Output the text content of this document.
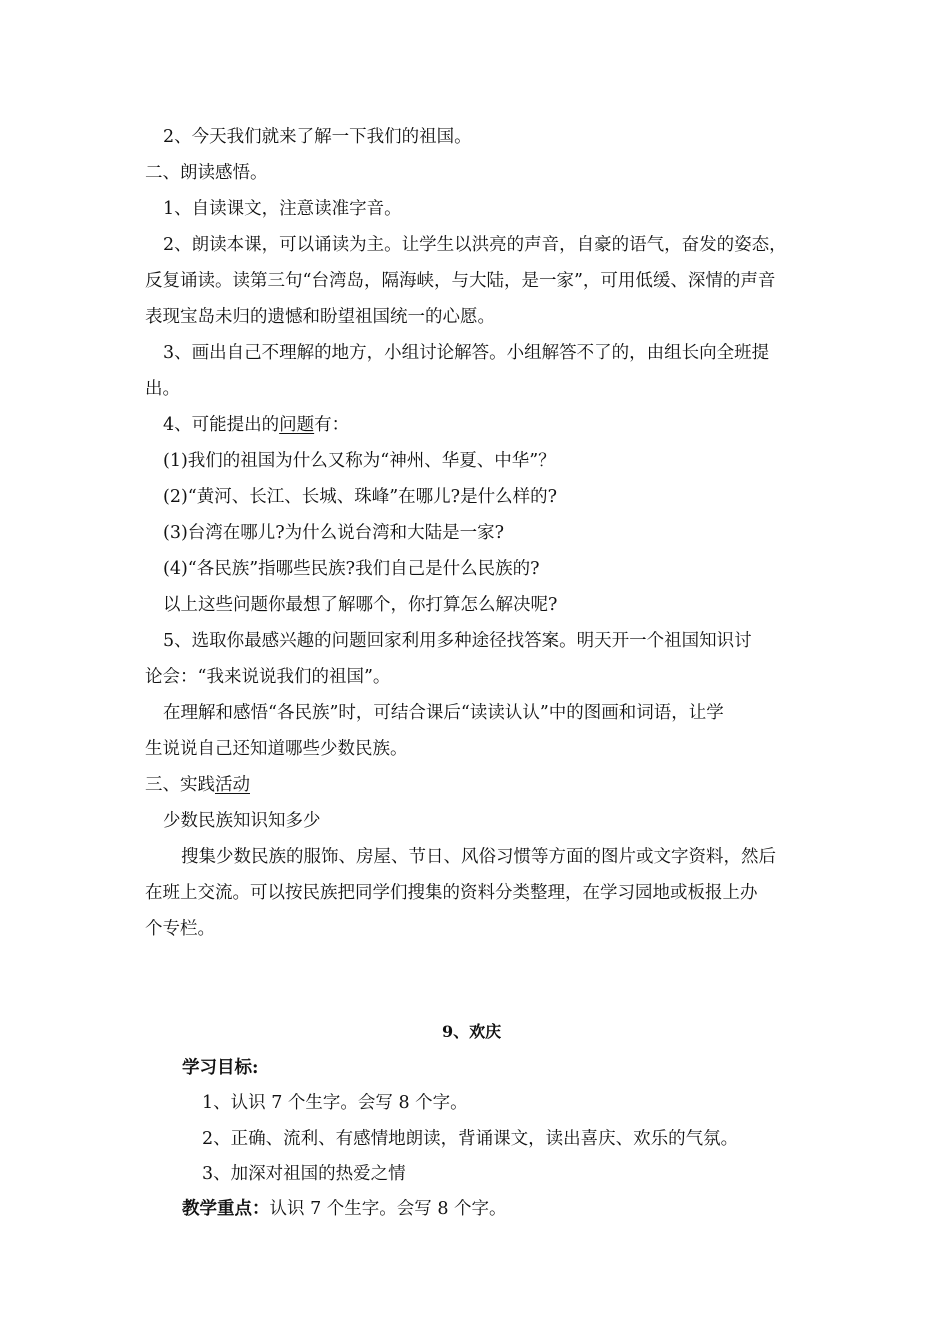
2、今天我们就来了解一下我们的祖国。

二、朗读感悟。

1、自读课文，注意读准字音。

2、朗读本课，可以诵读为主。让学生以洪亮的声音，自豪的语气，奋发的姿态，

反复诵读。读第三句“台湾岛，隔海峡，与大陆，是一家”，可用低缓、深情的声音

表现宝岛未归的遗憾和盼望祖国统一的心愿。

3、画出自己不理解的地方，小组讨论解答。小组解答不了的，由组长向全班提

出。

4、可能提出的问题有：

(1)我们的祖国为什么又称为“神州、华夏、中华”？

(2)“黄河、长江、长城、珠峰”在哪儿?是什么样的?

(3)台湾在哪儿?为什么说台湾和大陆是一家?

(4)“各民族”指哪些民族?我们自己是什么民族的?

以上这些问题你最想了解哪个，你打算怎么解决呢?

5、选取你最感兴趣的问题回家利用多种途径找答案。明天开一个祖国知识讨

论会：“我来说说我们的祖国”。

在理解和感悟“各民族”时，可结合课后“读读认认”中的图画和词语，让学

生说说自己还知道哪些少数民族。

三、实践活动

少数民族知识知多少

搜集少数民族的服饰、房屋、节日、风俗习惯等方面的图片或文字资料，然后

在班上交流。可以按民族把同学们搜集的资料分类整理，在学习园地或板报上办

个专栏。

9、欢庆

学习目标:

1、认识 7 个生字。会写 8 个字。

2、正确、流利、有感情地朗读，背诵课文，读出喜庆、欢乐的气氛。

3、加深对祖国的热爱之情

教学重点：认识 7 个生字。会写 8 个字。
